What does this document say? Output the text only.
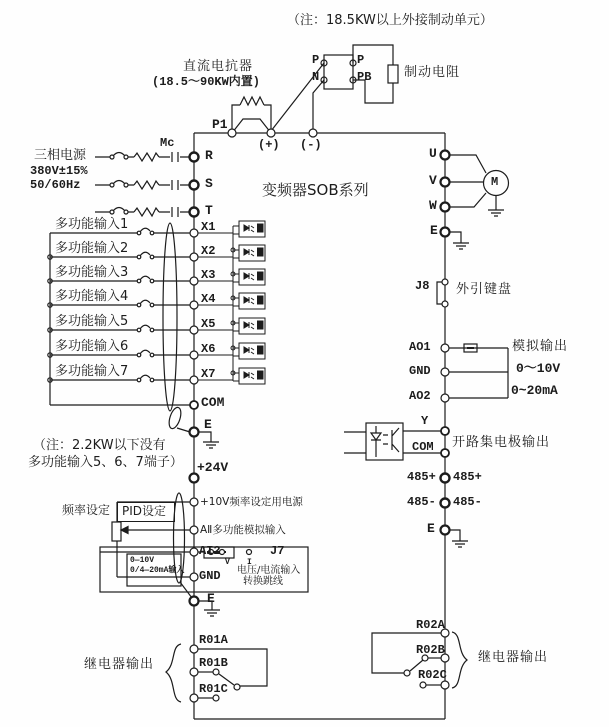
（注：18.5KW以上外接制动单元）
直流电抗器
(18.5～90KW内置)
P1
(+) (-)
P
N
P
PB	制动电阻
Mc
三相电源
380V±15%
50/60Hz
R
S
T
变频器SOB系列
多功能输入1
多功能输入2
多功能输入3
多功能输入4
多功能输入5
多功能输入6
多功能输入7
X1
X2
X3
X4
X5
X6
X7
COM
E
（注：2.2KW以下没有
多功能输入5、6、7端子） +24V
频率设定 PID设定
+10V频率设定用电源
AⅡ多功能模拟输入
AI2
GND
0—10V
0/4—20mA输入
V I
J7
电压/电流输入
转换跳线
E
R01A
R01B
R01C
继电器输出
U
V
W
M
E
J8 外引键盘
AO1
GND
AO2
模拟输出
0～10V
0~20mA
Y
COM 开路集电极输出
485+ 485+
485- 485-
E
R02A
R02B
R02C
继电器输出
